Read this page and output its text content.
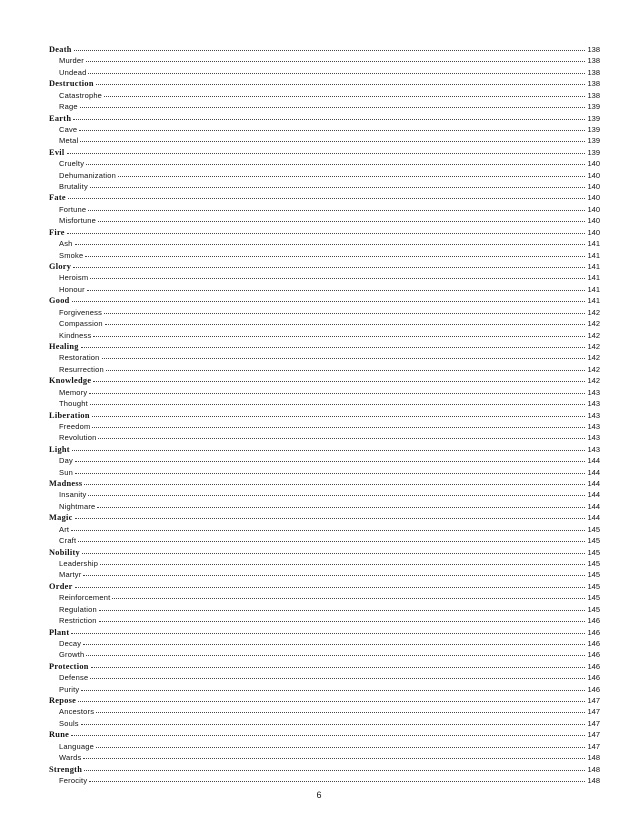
Death	138
Murder	138
Undead	138
Destruction	138
Catastrophe	138
Rage	139
Earth	139
Cave	139
Metal	139
Evil	139
Cruelty	140
Dehumanization	140
Brutality	140
Fate	140
Fortune	140
Misfortune	140
Fire	140
Ash	141
Smoke	141
Glory	141
Heroism	141
Honour	141
Good	141
Forgiveness	142
Compassion	142
Kindness	142
Healing	142
Restoration	142
Resurrection	142
Knowledge	142
Memory	143
Thought	143
Liberation	143
Freedom	143
Revolution	143
Light	143
Day	144
Sun	144
Madness	144
Insanity	144
Nightmare	144
Magic	144
Art	145
Craft	145
Nobility	145
Leadership	145
Martyr	145
Order	145
Reinforcement	145
Regulation	145
Restriction	146
Plant	146
Decay	146
Growth	146
Protection	146
Defense	146
Purity	146
Repose	147
Ancestors	147
Souls	147
Rune	147
Language	147
Wards	148
Strength	148
Ferocity	148
6
